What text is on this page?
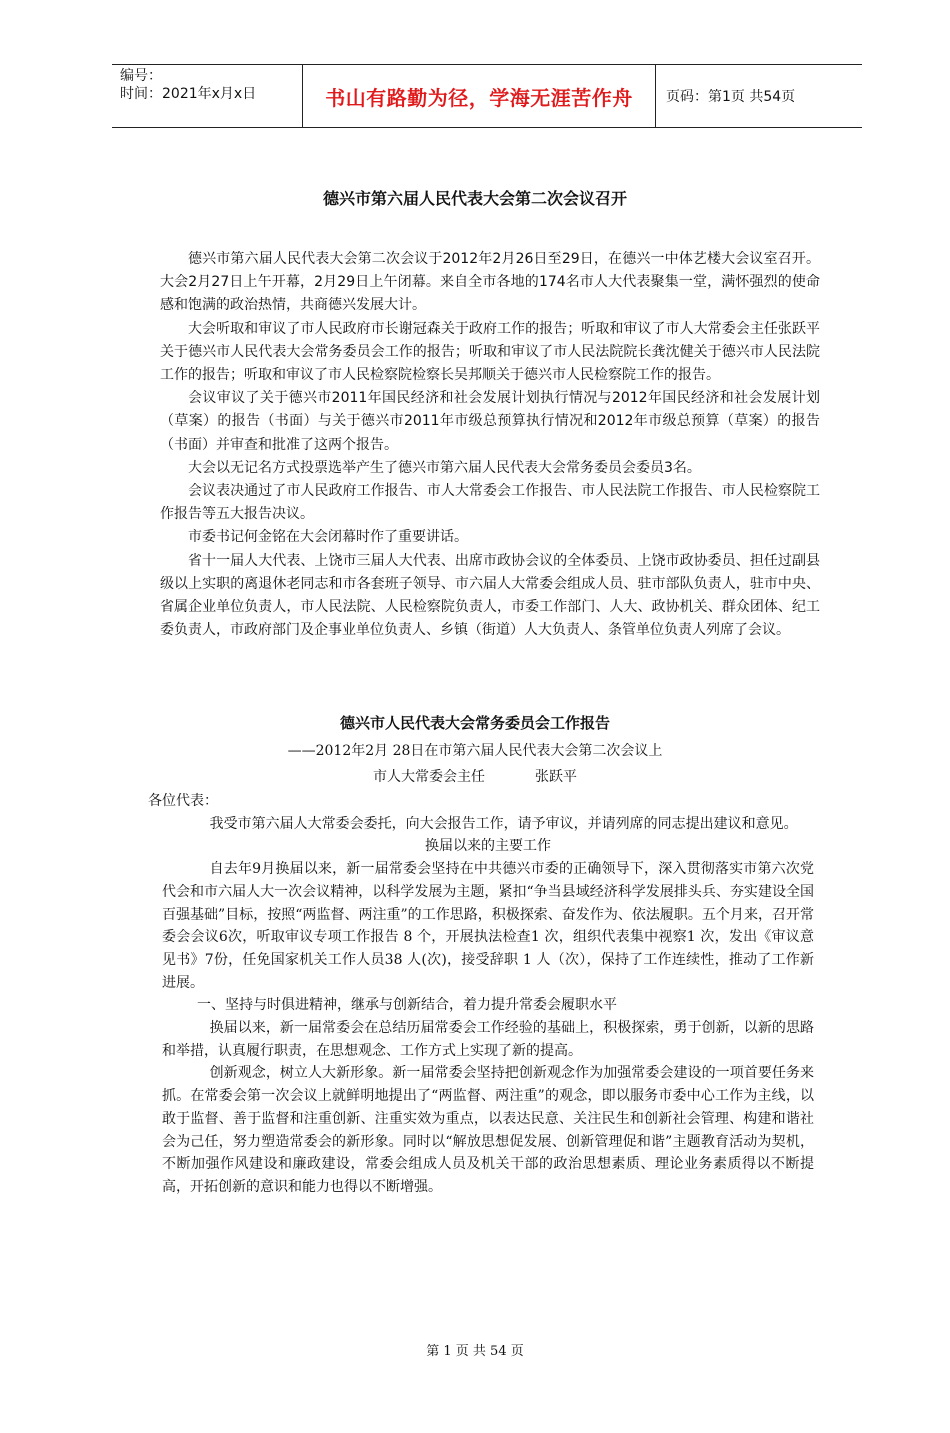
编号：
时间：2021年x月x日	书山有路勤为径，学海无涯苦作舟 页码：第1页 共54页
德兴市第六届人民代表大会第二次会议召开

德兴市第六届人民代表大会第二次会议于2012年2月26日至29日，在德兴一中体艺楼大会议室召开。大会2月27日上午开幕，2月29日上午闭幕。来自全市各地的174名市人大代表聚集一堂，满怀强烈的使命感和饱满的政治热情，共商德兴发展大计。

大会听取和审议了市人民政府市长谢冠森关于政府工作的报告；听取和审议了市人大常委会主任张跃平关于德兴市人民代表大会常务委员会工作的报告；听取和审议了市人民法院院长龚沈健关于德兴市人民法院工作的报告；听取和审议了市人民检察院检察长吴邦顺关于德兴市人民检察院工作的报告。

会议审议了关于德兴市2011年国民经济和社会发展计划执行情况与2012年国民经济和社会发展计划（草案）的报告（书面）与关于德兴市2011年市级总预算执行情况和2012年市级总预算（草案）的报告（书面）并审查和批准了这两个报告。

大会以无记名方式投票选举产生了德兴市第六届人民代表大会常务委员会委员3名。

会议表决通过了市人民政府工作报告、市人大常委会工作报告、市人民法院工作报告、市人民检察院工作报告等五大报告决议。

市委书记何金铭在大会闭幕时作了重要讲话。

省十一届人大代表、上饶市三届人大代表、出席市政协会议的全体委员、上饶市政协委员、担任过副县级以上实职的离退休老同志和市各套班子领导、市六届人大常委会组成人员、驻市部队负责人，驻市中央、省属企业单位负责人，市人民法院、人民检察院负责人，市委工作部门、人大、政协机关、群众团体、纪工委负责人，市政府部门及企事业单位负责人、乡镇（街道）人大负责人、条管单位负责人列席了会议。

德兴市人民代表大会常务委员会工作报告
——2012年2月 28日在市第六届人民代表大会第二次会议上
市人大常委会主任	张跃平

各位代表：

我受市第六届人大常委会委托，向大会报告工作，请予审议，并请列席的同志提出建议和意见。

换届以来的主要工作

自去年9月换届以来，新一届常委会坚持在中共德兴市委的正确领导下，深入贯彻落实市第六次党代会和市六届人大一次会议精神，以科学发展为主题，紧扣“争当县域经济科学发展排头兵、夯实建设全国百强基础”目标，按照“两监督、两注重”的工作思路，积极探索、奋发作为、依法履职。五个月来，召开常委会会议6次，听取审议专项工作报告 8 个，开展执法检查1 次，组织代表集中视察1 次，发出《审议意见书》7份，任免国家机关工作人员38 人(次)，接受辞职 1 人（次），保持了工作连续性，推动了工作新进展。

一、坚持与时俱进精神，继承与创新结合，着力提升常委会履职水平

换届以来，新一届常委会在总结历届常委会工作经验的基础上，积极探索，勇于创新，以新的思路和举措，认真履行职责，在思想观念、工作方式上实现了新的提高。

创新观念，树立人大新形象。新一届常委会坚持把创新观念作为加强常委会建设的一项首要任务来抓。在常委会第一次会议上就鲜明地提出了“两监督、两注重”的观念，即以服务市委中心工作为主线，以敢于监督、善于监督和注重创新、注重实效为重点，以表达民意、关注民生和创新社会管理、构建和谐社会为己任，努力塑造常委会的新形象。同时以“解放思想促发展、创新管理促和谐”主题教育活动为契机，不断加强作风建设和廉政建设，常委会组成人员及机关干部的政治思想素质、理论业务素质得以不断提高，开拓创新的意识和能力也得以不断增强。

第 1 页 共 54 页
